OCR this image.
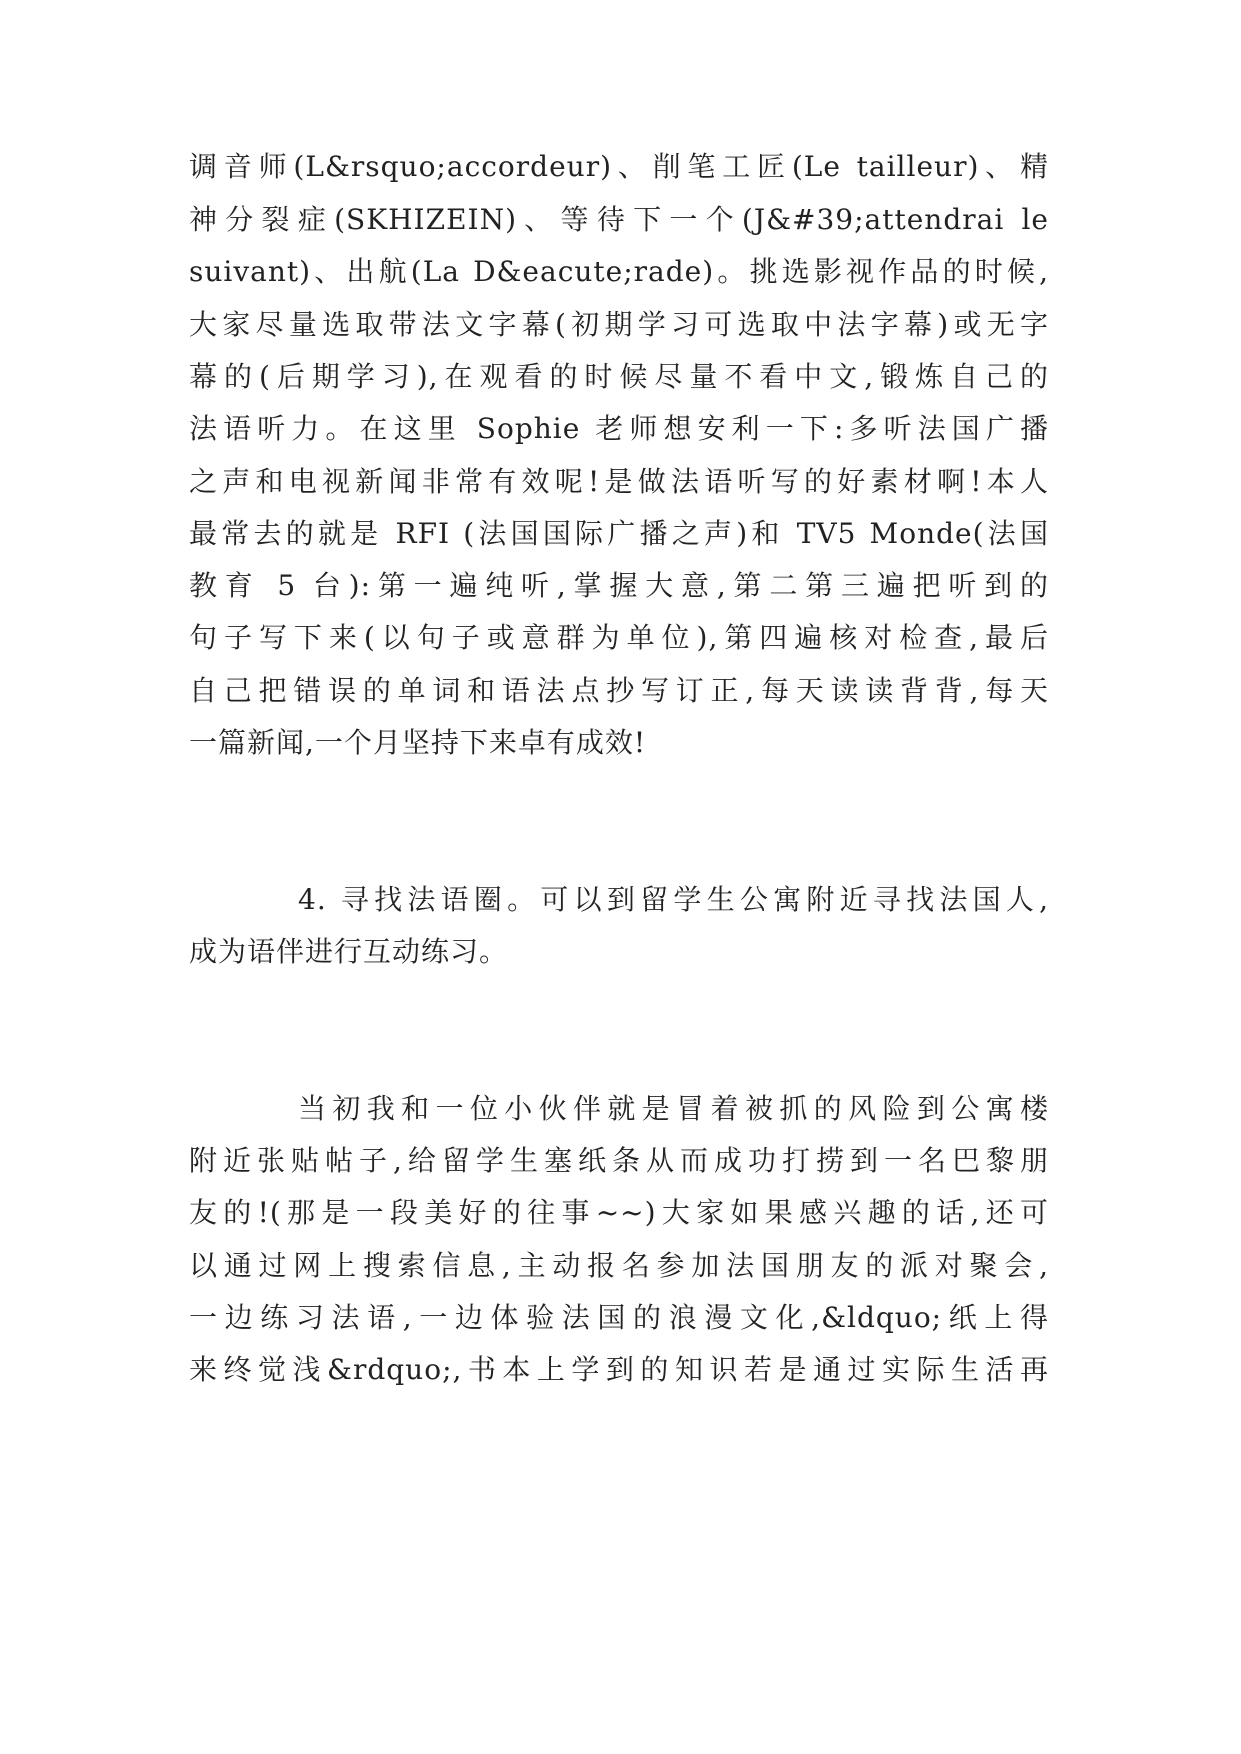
调音师(L&rsquo;accordeur)、削笔工匠(Le tailleur)、精
神分裂症(SKHIZEIN)、等待下一个(J&#39;attendrai le
suivant)、出航(La D&eacute;rade)。挑选影视作品的时候,
大家尽量选取带法文字幕(初期学习可选取中法字幕)或无字
幕的(后期学习),在观看的时候尽量不看中文,锻炼自己的
法语听力。在这里 Sophie 老师想安利一下:多听法国广播
之声和电视新闻非常有效呢!是做法语听写的好素材啊!本人
最常去的就是 RFI (法国国际广播之声)和 TV5 Monde(法国
教育 5 台):第一遍纯听,掌握大意,第二第三遍把听到的
句子写下来(以句子或意群为单位),第四遍核对检查,最后
自己把错误的单词和语法点抄写订正,每天读读背背,每天
一篇新闻,一个月坚持下来卓有成效!
4. 寻找法语圈。可以到留学生公寓附近寻找法国人,
成为语伴进行互动练习。
当初我和一位小伙伴就是冒着被抓的风险到公寓楼
附近张贴帖子,给留学生塞纸条从而成功打捞到一名巴黎朋
友的!(那是一段美好的往事~~)大家如果感兴趣的话,还可
以通过网上搜索信息,主动报名参加法国朋友的派对聚会,
一边练习法语,一边体验法国的浪漫文化,&ldquo;纸上得
来终觉浅&rdquo;,书本上学到的知识若是通过实际生活再
